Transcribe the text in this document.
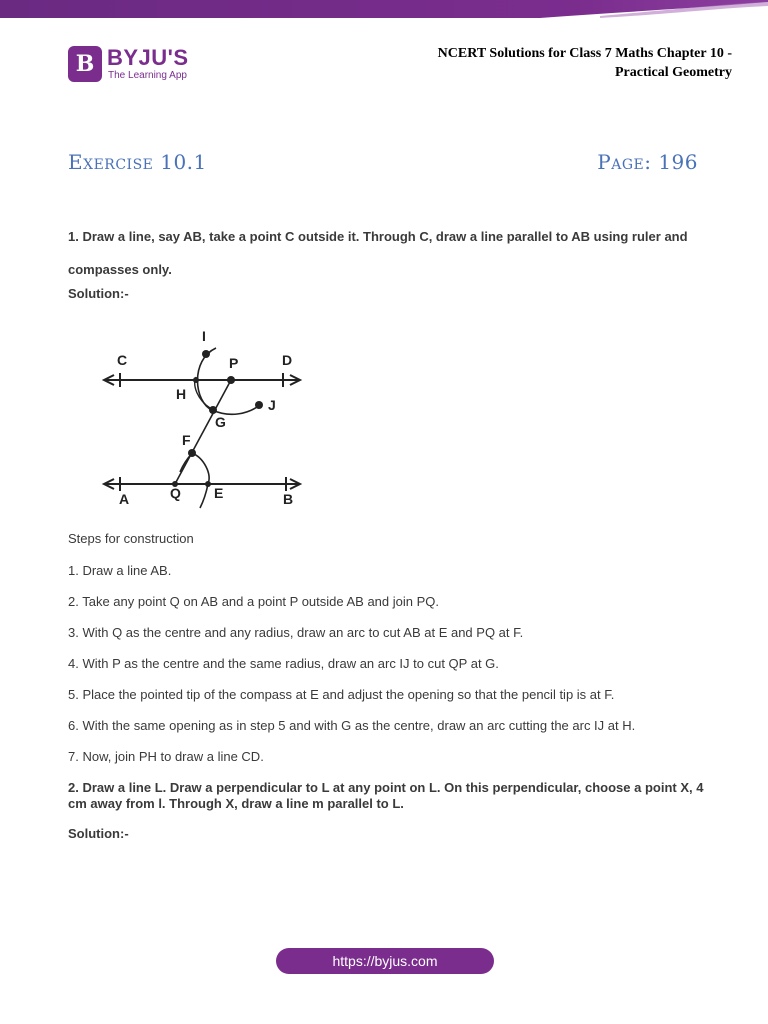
B BYJU'S
The Learning App
NCERT Solutions for Class 7 Maths Chapter 10 -
Practical Geometry
Exercise 10.1	Page: 196
1. Draw a line, say AB, take a point C outside it. Through C, draw a line parallel to AB using ruler and compasses only.
Solution:-
I
C	P	D
H
J
G
F
A	Q E	B
Steps for construction
1. Draw a line AB.
2. Take any point Q on AB and a point P outside AB and join PQ.
3. With Q as the centre and any radius, draw an arc to cut AB at E and PQ at F.
4. With P as the centre and the same radius, draw an arc IJ to cut QP at G.
5. Place the pointed tip of the compass at E and adjust the opening so that the pencil tip is at F.
6. With the same opening as in step 5 and with G as the centre, draw an arc cutting the arc IJ at H.
7. Now, join PH to draw a line CD.
2. Draw a line L. Draw a perpendicular to L at any point on L. On this perpendicular, choose a point X, 4 cm away from l. Through X, draw a line m parallel to L.
Solution:-
https://byjus.com
